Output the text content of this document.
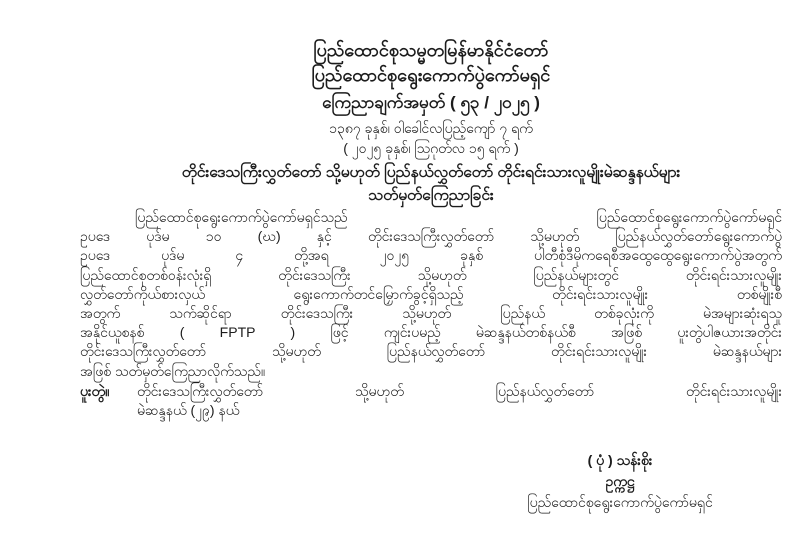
ပြည်ထောင်စုသမ္မတမြန်မာနိုင်ငံတော်
ပြည်ထောင်စုရွေးကောက်ပွဲကော်မရှင်
ကြေညာချက်အမှတ် ( ၅၃ / ၂၀၂၅ )
၁၃၈၇ ခုနှစ်၊ ဝါခေါင်လပြည့်ကျော် ၇ ရက်
( ၂၀၂၅ ခုနှစ်၊ သြဂုတ်လ ၁၅ ရက် )
တိုင်းဒေသကြီးလွှတ်တော် သို့မဟုတ် ပြည်နယ်လွှတ်တော် တိုင်းရင်းသားလူမျိုးမဲဆန္ဒနယ်များ
သတ်မှတ်ကြေညာခြင်း
ပြည်ထောင်စုရွေးကောက်ပွဲကော်မရှင်သည် ပြည်ထောင်စုရွေးကောက်ပွဲကော်မရှင်
ဥပဒေ ပုဒ်မ ၁၀ (ဃ) နှင့် တိုင်းဒေသကြီးလွှတ်တော် သို့မဟုတ် ပြည်နယ်လွှတ်တော်ရွေးကောက်ပွဲ
ဥပဒေ ပုဒ်မ ၄ တို့အရ ၂၀၂၅ ခုနှစ် ပါတီစုံဒီမိုကရေစီအထွေထွေရွေးကောက်ပွဲအတွက်
ပြည်ထောင်စုတစ်ဝန်းလုံးရှိ တိုင်းဒေသကြီး သို့မဟုတ် ပြည်နယ်များတွင် တိုင်းရင်းသားလူမျိုး
လွှတ်တော်ကိုယ်စားလှယ် ရွေးကောက်တင်မြှောက်ခွင့်ရှိသည့် တိုင်းရင်းသားလူမျိုး တစ်မျိုးစီ
အတွက် သက်ဆိုင်ရာ တိုင်းဒေသကြီး သို့မဟုတ် ပြည်နယ် တစ်ခုလုံးကို မဲအများဆုံးရသူ
အနိုင်ယူစနစ် ( FPTP ) ဖြင့် ကျင်းပမည့် မဲဆန္ဒနယ်တစ်နယ်စီ အဖြစ် ပူးတွဲပါဇယားအတိုင်း
တိုင်းဒေသကြီးလွှတ်တော် သို့မဟုတ် ပြည်နယ်လွှတ်တော် တိုင်းရင်းသားလူမျိုး မဲဆန္ဒနယ်များ
အဖြစ် သတ်မှတ်ကြေညာလိုက်သည်။
ပူးတွဲ။ တိုင်းဒေသကြီးလွှတ်တော် သို့မဟုတ် ပြည်နယ်လွှတ်တော် တိုင်းရင်းသားလူမျိုး
မဲဆန္ဒနယ် (၂၉) နယ်
( ပုံ ) သန်းစိုး
ဥက္ကဋ္ဌ
ပြည်ထောင်စုရွေးကောက်ပွဲကော်မရှင်
